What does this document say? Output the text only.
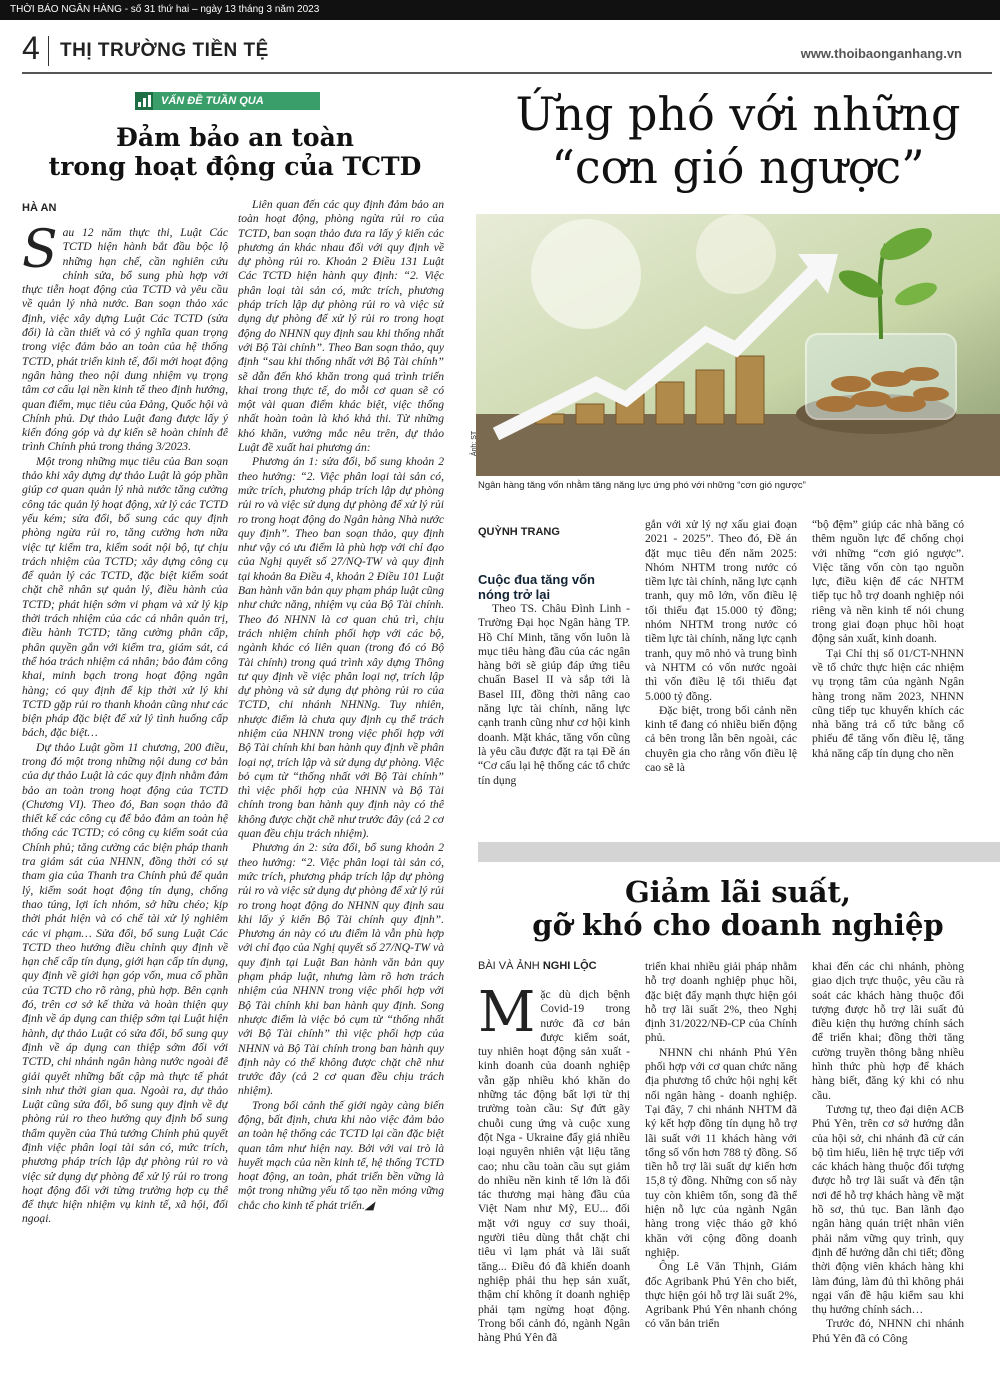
THỜI BÁO NGÂN HÀNG - số 31 thứ hai – ngày 13 tháng 3 năm 2023
4 THỊ TRƯỜNG TIỀN TỆ	www.thoibaonganhang.vn
VẤN ĐỀ TUẦN QUA
Đảm bảo an toàn
trong hoạt động của TCTD
HÀ AN
S au 12 năm thực thi, Luật Các TCTD hiện hành bắt đầu bộc lộ những hạn chế, cần nghiên cứu chỉnh sửa, bổ sung phù hợp với thực tiễn hoạt động của TCTD và yêu cầu về quản lý nhà nước. Ban soạn thảo xác định, việc xây dựng Luật Các TCTD (sửa đổi) là cần thiết và có ý nghĩa quan trọng trong việc đảm bảo an toàn của hệ thống TCTD, phát triển kinh tế, đổi mới hoạt động ngân hàng theo nội dung nhiệm vụ trọng tâm cơ cấu lại nền kinh tế theo định hướng, quan điểm, mục tiêu của Đảng, Quốc hội và Chính phủ. Dự thảo Luật đang được lấy ý kiến đóng góp và dự kiến sẽ hoàn chỉnh để trình Chính phủ trong tháng 3/2023.

Một trong những mục tiêu của Ban soạn thảo khi xây dựng dự thảo Luật là góp phần giúp cơ quan quản lý nhà nước tăng cường công tác quản lý hoạt động, xử lý các TCTD yếu kém; sửa đổi, bổ sung các quy định phòng ngừa rủi ro, tăng cường hơn nữa việc tự kiểm tra, kiểm soát nội bộ, tự chịu trách nhiệm của TCTD; xây dựng công cụ để quản lý các TCTD, đặc biệt kiểm soát chặt chẽ nhân sự quản lý, điều hành của TCTD; phát hiện sớm vi phạm và xử lý kịp thời trách nhiệm của các cá nhân quản trị, điều hành TCTD; tăng cường phân cấp, phân quyền gắn với kiểm tra, giám sát, cá thể hóa trách nhiệm cá nhân; bảo đảm công khai, minh bạch trong hoạt động ngân hàng; có quy định để kịp thời xử lý khi TCTD gặp rủi ro thanh khoản cũng như các biện pháp đặc biệt để xử lý tình huống cấp bách, đặc biệt…

Dự thảo Luật gồm 11 chương, 200 điều, trong đó một trong những nội dung cơ bản của dự thảo Luật là các quy định nhằm đảm bảo an toàn trong hoạt động của TCTD (Chương VI). Theo đó, Ban soạn thảo đã thiết kế các công cụ để bảo đảm an toàn hệ thống các TCTD; có công cụ kiểm soát của Chính phủ; tăng cường các biện pháp thanh tra giám sát của NHNN, đồng thời có sự tham gia của Thanh tra Chính phủ để quản lý, kiểm soát hoạt động tín dụng, chống thao túng, lợi ích nhóm, sở hữu chéo; kịp thời phát hiện và có chế tài xử lý nghiêm các vi phạm… Sửa đổi, bổ sung Luật Các TCTD theo hướng điều chỉnh quy định về hạn chế cấp tín dụng, giới hạn cấp tín dụng, quy định về giới hạn góp vốn, mua cổ phần của TCTD cho rõ ràng, phù hợp. Bên cạnh đó, trên cơ sở kế thừa và hoàn thiện quy định về áp dụng can thiệp sớm tại Luật hiện hành, dự thảo Luật có sửa đổi, bổ sung quy định về áp dụng can thiệp sớm đối với TCTD, chi nhánh ngân hàng nước ngoài để giải quyết những bất cập mà thực tế phát sinh như thời gian qua. Ngoài ra, dự thảo Luật cũng sửa đổi, bổ sung quy định về dự phòng rủi ro theo hướng quy định bổ sung thẩm quyền của Thủ tướng Chính phủ quyết định việc phân loại tài sản có, mức trích, phương pháp trích lập dự phòng rủi ro và việc sử dụng dự phòng để xử lý rủi ro trong hoạt động đối với từng trường hợp cụ thể để thực hiện nhiệm vụ kinh tế, xã hội, đối ngoại.

Liên quan đến các quy định đảm bảo an toàn hoạt động, phòng ngừa rủi ro của TCTD, ban soạn thảo đưa ra lấy ý kiến các phương án khác nhau đối với quy định về dự phòng rủi ro. Khoản 2 Điều 131 Luật Các TCTD hiện hành quy định: “2. Việc phân loại tài sản có, mức trích, phương pháp trích lập dự phòng rủi ro và việc sử dụng dự phòng để xử lý rủi ro trong hoạt động do NHNN quy định sau khi thống nhất với Bộ Tài chính”. Theo Ban soạn thảo, quy định “sau khi thống nhất với Bộ Tài chính” sẽ dẫn đến khó khăn trong quá trình triển khai trong thực tế, do mỗi cơ quan sẽ có một vài quan điểm khác biệt, việc thống nhất hoàn toàn là khó khả thi. Từ những khó khăn, vướng mắc nêu trên, dự thảo Luật đề xuất hai phương án:

Phương án 1: sửa đổi, bổ sung khoản 2 theo hướng: “2. Việc phân loại tài sản có, mức trích, phương pháp trích lập dự phòng rủi ro và việc sử dụng dự phòng để xử lý rủi ro trong hoạt động do Ngân hàng Nhà nước quy định”. Theo ban soạn thảo, quy định như vậy có ưu điểm là phù hợp với chỉ đạo của Nghị quyết số 27/NQ-TW và quy định tại khoản 8a Điều 4, khoản 2 Điều 101 Luật Ban hành văn bản quy phạm pháp luật cũng như chức năng, nhiệm vụ của Bộ Tài chính. Theo đó NHNN là cơ quan chủ trì, chịu trách nhiệm chính phối hợp với các bộ, ngành khác có liên quan (trong đó có Bộ Tài chính) trong quá trình xây dựng Thông tư quy định về việc phân loại nợ, trích lập dự phòng và sử dụng dự phòng rủi ro của TCTD, chi nhánh NHNNg. Tuy nhiên, nhược điểm là chưa quy định cụ thể trách nhiệm của NHNN trong việc phối hợp với Bộ Tài chính khi ban hành quy định về phân loại nợ, trích lập và sử dụng dự phòng. Việc bỏ cụm từ “thống nhất với Bộ Tài chính” thì việc phối hợp của NHNN và Bộ Tài chính trong ban hành quy định này có thể không được chặt chẽ như trước đây (cả 2 cơ quan đều chịu trách nhiệm).

Phương án 2: sửa đổi, bổ sung khoản 2 theo hướng: “2. Việc phân loại tài sản có, mức trích, phương pháp trích lập dự phòng rủi ro và việc sử dụng dự phòng để xử lý rủi ro trong hoạt động do NHNN quy định sau khi lấy ý kiến Bộ Tài chính quy định”. Phương án này có ưu điểm là vẫn phù hợp với chỉ đạo của Nghị quyết số 27/NQ-TW và quy định tại Luật Ban hành văn bản quy phạm pháp luật, nhưng làm rõ hơn trách nhiệm của NHNN trong việc phối hợp với Bộ Tài chính khi ban hành quy định. Song nhược điểm là việc bỏ cụm từ “thống nhất với Bộ Tài chính” thì việc phối hợp của NHNN và Bộ Tài chính trong ban hành quy định này có thể không được chặt chẽ như trước đây (cả 2 cơ quan đều chịu trách nhiệm).

Trong bối cảnh thế giới ngày càng biến động, bất định, chưa khi nào việc đảm bảo an toàn hệ thống các TCTD lại cần đặc biệt quan tâm như hiện nay. Bởi với vai trò là huyết mạch của nền kinh tế, hệ thống TCTD hoạt động, an toàn, phát triển bền vững là một trong những yếu tố tạo nền móng vững chắc cho kinh tế phát triển.◢

Ứng phó với những
“cơn gió ngược”
Ảnh: ST
Ngân hàng tăng vốn nhằm tăng năng lực ứng phó với những “cơn gió ngược”
QUỲNH TRANG
Cuộc đua tăng vốn nóng trở lại

Theo TS. Châu Đình Linh - Trường Đại học Ngân hàng TP. Hồ Chí Minh, tăng vốn luôn là mục tiêu hàng đầu của các ngân hàng bởi sẽ giúp đáp ứng tiêu chuẩn Basel II và sắp tới là Basel III, đồng thời nâng cao năng lực tài chính, năng lực cạnh tranh cũng như cơ hội kinh doanh. Mặt khác, tăng vốn cũng là yêu cầu được đặt ra tại Đề án “Cơ cấu lại hệ thống các tổ chức tín dụng

gắn với xử lý nợ xấu giai đoạn 2021 - 2025”. Theo đó, Đề án đặt mục tiêu đến năm 2025: Nhóm NHTM trong nước có tiềm lực tài chính, năng lực cạnh tranh, quy mô lớn, vốn điều lệ tối thiểu đạt 15.000 tỷ đồng; nhóm NHTM trong nước có tiềm lực tài chính, năng lực cạnh tranh, quy mô nhỏ và trung bình và NHTM có vốn nước ngoài thì vốn điều lệ tối thiểu đạt 5.000 tỷ đồng.

Đặc biệt, trong bối cảnh nền kinh tế đang có nhiều biến động cả bên trong lẫn bên ngoài, các chuyên gia cho rằng vốn điều lệ cao sẽ là

“bộ đệm” giúp các nhà băng có thêm nguồn lực để chống chọi với những “cơn gió ngược”. Việc tăng vốn còn tạo nguồn lực, điều kiện để các NHTM tiếp tục hỗ trợ doanh nghiệp nói riêng và nền kinh tế nói chung trong giai đoạn phục hồi hoạt động sản xuất, kinh doanh.

Tại Chỉ thị số 01/CT-NHNN về tổ chức thực hiện các nhiệm vụ trọng tâm của ngành Ngân hàng trong năm 2023, NHNN cũng tiếp tục khuyến khích các nhà băng trả cổ tức bằng cổ phiếu để tăng vốn điều lệ, tăng khả năng cấp tín dụng cho nền

Giảm lãi suất,
gỡ khó cho doanh nghiệp
BÀI VÀ ẢNH NGHI LỘC
M ặc dù dịch bệnh Covid-19 trong nước đã cơ bản được kiểm soát, tuy nhiên hoạt động sản xuất - kinh doanh của doanh nghiệp vẫn gặp nhiều khó khăn do những tác động bất lợi từ thị trường toàn cầu: Sự đứt gãy chuỗi cung ứng và cuộc xung đột Nga - Ukraine đẩy giá nhiều loại nguyên nhiên vật liệu tăng cao; nhu cầu toàn cầu sụt giảm do nhiều nền kinh tế lớn là đối tác thương mại hàng đầu của Việt Nam như Mỹ, EU... đối mặt với nguy cơ suy thoái, người tiêu dùng thắt chặt chi tiêu vì lạm phát và lãi suất tăng... Điều đó đã khiến doanh nghiệp phải thu hẹp sản xuất, thậm chí không ít doanh nghiệp phải tạm ngừng hoạt động. Trong bối cảnh đó, ngành Ngân hàng Phú Yên đã

triển khai nhiều giải pháp nhằm hỗ trợ doanh nghiệp phục hồi, đặc biệt đẩy mạnh thực hiện gói hỗ trợ lãi suất 2%, theo Nghị định 31/2022/NĐ-CP của Chính phủ.

NHNN chi nhánh Phú Yên phối hợp với cơ quan chức năng địa phương tổ chức hội nghị kết nối ngân hàng - doanh nghiệp. Tại đây, 7 chi nhánh NHTM đã ký kết hợp đồng tín dụng hỗ trợ lãi suất với 11 khách hàng với tổng số vốn hơn 788 tỷ đồng. Số tiền hỗ trợ lãi suất dự kiến hơn 15,8 tỷ đồng. Những con số này tuy còn khiêm tốn, song đã thể hiện nỗ lực của ngành Ngân hàng trong việc tháo gỡ khó khăn với cộng đồng doanh nghiệp.

Ông Lê Văn Thịnh, Giám đốc Agribank Phú Yên cho biết, thực hiện gói hỗ trợ lãi suất 2%, Agribank Phú Yên nhanh chóng có văn bản triển

khai đến các chi nhánh, phòng giao dịch trực thuộc, yêu cầu rà soát các khách hàng thuộc đối tượng được hỗ trợ lãi suất đủ điều kiện thụ hưởng chính sách để triển khai; đồng thời tăng cường truyền thông bằng nhiều hình thức phù hợp để khách hàng biết, đăng ký khi có nhu cầu.

Tương tự, theo đại diện ACB Phú Yên, trên cơ sở hướng dẫn của hội sở, chi nhánh đã cử cán bộ tìm hiểu, liên hệ trực tiếp với các khách hàng thuộc đối tượng được hỗ trợ lãi suất và đến tận nơi để hỗ trợ khách hàng về mặt hồ sơ, thủ tục. Ban lãnh đạo ngân hàng quán triệt nhân viên phải nắm vững quy trình, quy định để hướng dẫn chi tiết; đồng thời động viên khách hàng khi làm đúng, làm đủ thì không phải ngại vấn đề hậu kiểm sau khi thụ hưởng chính sách…

Trước đó, NHNN chi nhánh Phú Yên đã có Công
